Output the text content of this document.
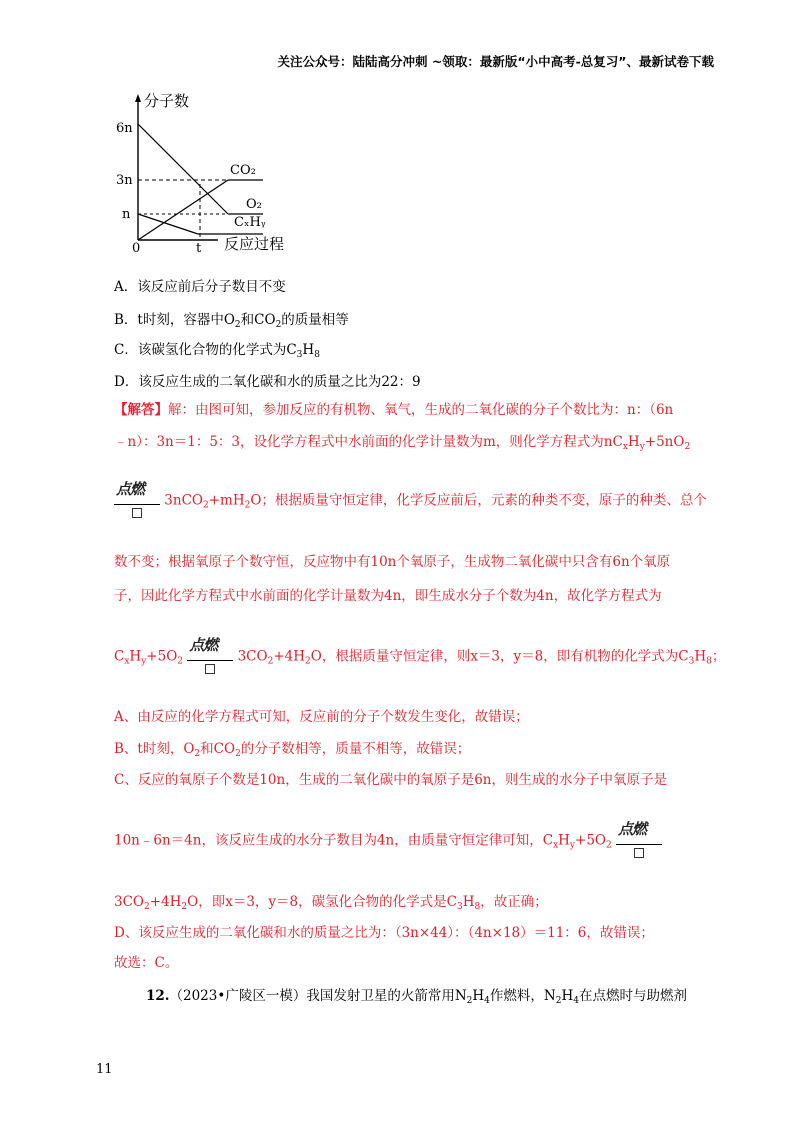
关注公众号：陆陆高分冲刺 ~领取：最新版“小中高考-总复习”、最新试卷下载
分子数
反应过程
6n
3n
n
0	t
CO₂
O₂
CₓHᵧ
A．该反应前后分子数目不变
B．t时刻，容器中$O_2$和$CO_2$的质量相等
C．该碳氢化合物的化学式为$C_3H_8$
D．该反应生成的二氧化碳和水的质量之比为22：9
【解答】解：由图可知，参加反应的有机物、氧气，生成的二氧化碳的分子个数比为：n：（6n
﹣n）：3n＝1：5：3，设化学方程式中水前面的化学计量数为m，则化学方程式为$nC_xH_y+5nO_2$
点燃
$3nCO_2+mH_2O$；根据质量守恒定律，化学反应前后，元素的种类不变，原子的种类、总个
数不变；根据氧原子个数守恒，反应物中有10n个氧原子，生成物二氧化碳中只含有6n个氧原
子，因此化学方程式中水前面的化学计量数为4n，即生成水分子个数为4n，故化学方程式为
$C_xH_y+5O_2$
点燃
$3CO_2+4H_2O$，根据质量守恒定律，则x＝3，y＝8，即有机物的化学式为$C_3H_8$；
A、由反应的化学方程式可知，反应前的分子个数发生变化，故错误；
B、t时刻，$O_2$和$CO_2$的分子数相等，质量不相等，故错误；
C、反应的氧原子个数是10n，生成的二氧化碳中的氧原子是6n，则生成的水分子中氧原子是
10n﹣6n＝4n，该反应生成的水分子数目为4n，由质量守恒定律可知，$C_xH_y+5O_2$
点燃
$3CO_2+4H_2O$，即x＝3，y＝8，碳氢化合物的化学式是$C_3H_8$，故正确；
D、该反应生成的二氧化碳和水的质量之比为：（3n×44）：（4n×18）＝11：6，故错误；
故选：C。
12.（2023•广陵区一模）我国发射卫星的火箭常用$N_2H_4$作燃料，$N_2H_4$在点燃时与助燃剂
11
